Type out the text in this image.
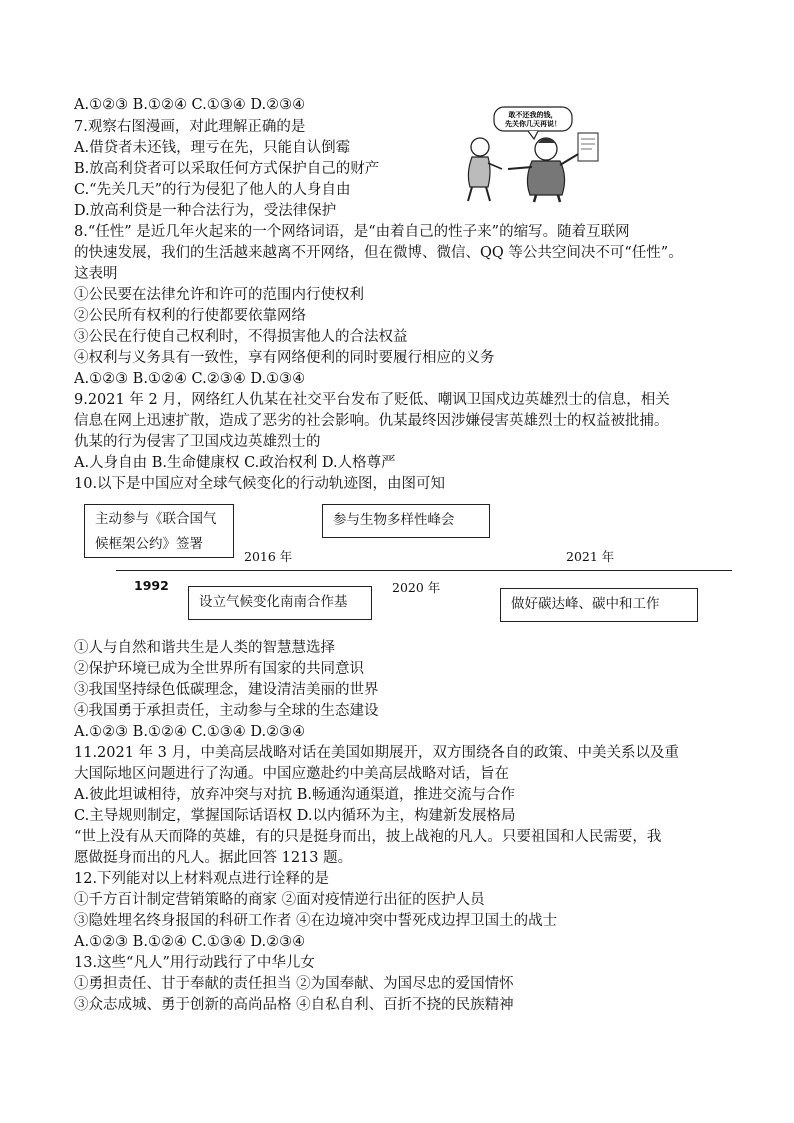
A.①②③ B.①②④ C.①③④ D.②③④
7.观察右图漫画，对此理解正确的是
A.借贷者未还钱，理亏在先，只能自认倒霉
B.放高利贷者可以采取任何方式保护自己的财产
C.“先关几天”的行为侵犯了他人的人身自由
D.放高利贷是一种合法行为，受法律保护
敢不还我的钱，
先关你几天再说！
8.“任性” 是近几年火起来的一个网络词语，是“由着自己的性子来”的缩写。随着互联网
的快速发展，我们的生活越来越离不开网络，但在微博、微信、QQ 等公共空间决不可“任性”。
这表明
①公民要在法律允许和许可的范围内行使权利
②公民所有权利的行使都要依靠网络
③公民在行使自己权利时，不得损害他人的合法权益
④权利与义务具有一致性，享有网络便利的同时要履行相应的义务
A.①②③ B.①②④ C.②③④ D.①③④
9.2021 年 2 月，网络红人仇某在社交平台发布了贬低、嘲讽卫国戍边英雄烈士的信息，相关
信息在网上迅速扩散，造成了恶劣的社会影响。仇某最终因涉嫌侵害英雄烈士的权益被批捕。
仇某的行为侵害了卫国戍边英雄烈士的
A.人身自由 B.生命健康权 C.政治权利 D.人格尊严
10.以下是中国应对全球气候变化的行动轨迹图，由图可知
主动参与《联合国气
候框架公约》签署
参与生物多样性峰会
2016 年	2021 年
1992	2020 年
设立气候变化南南合作基	做好碳达峰、碳中和工作
①人与自然和谐共生是人类的智慧慧选择
②保护环境已成为全世界所有国家的共同意识
③我国坚持绿色低碳理念，建设清洁美丽的世界
④我国勇于承担责任，主动参与全球的生态建设
A.①②③ B.①②④ C.①③④ D.②③④
11.2021 年 3 月，中美高层战略对话在美国如期展开，双方围绕各自的政策、中美关系以及重
大国际地区问题进行了沟通。中国应邀赴约中美高层战略对话，旨在
A.彼此坦诚相待，放弃冲突与对抗 B.畅通沟通渠道，推进交流与合作
C.主导规则制定，掌握国际话语权 D.以内循环为主，构建新发展格局
“世上没有从天而降的英雄，有的只是挺身而出，披上战袍的凡人。只要祖国和人民需要，我
愿做挺身而出的凡人。据此回答 1213 题。
12.下列能对以上材料观点进行诠释的是
①千方百计制定营销策略的商家 ②面对疫情逆行出征的医护人员
③隐姓埋名终身报国的科研工作者 ④在边境冲突中誓死戍边捍卫国土的战士
A.①②③ B.①②④ C.①③④ D.②③④
13.这些“凡人”用行动践行了中华儿女
①勇担责任、甘于奉献的责任担当 ②为国奉献、为国尽忠的爱国情怀
③众志成城、勇于创新的高尚品格 ④自私自利、百折不挠的民族精神
